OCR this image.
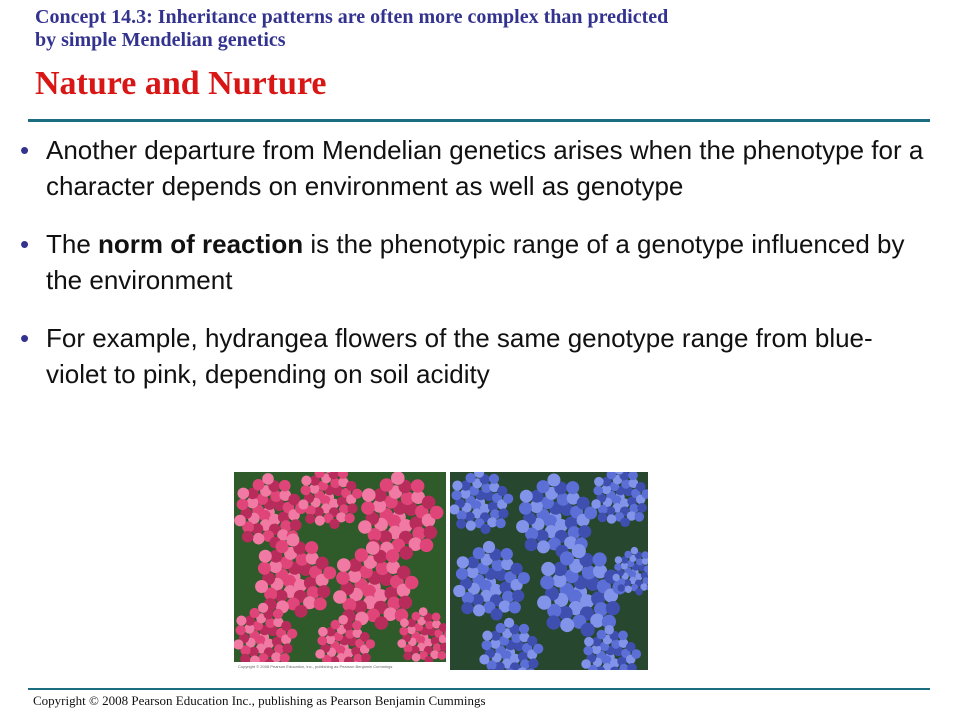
Concept 14.3: Inheritance patterns are often more complex than predicted
by simple Mendelian genetics
Nature and Nurture
• Another departure from Mendelian genetics arises when the phenotype for a character depends on environment as well as genotype
• The norm of reaction is the phenotypic range of a genotype influenced by the environment
• For example, hydrangea flowers of the same genotype range from blue-violet to pink, depending on soil acidity
Copyright © 2008 Pearson Education, Inc., publishing as Pearson Benjamin Cummings
Copyright © 2008 Pearson Education Inc., publishing as Pearson Benjamin Cummings
